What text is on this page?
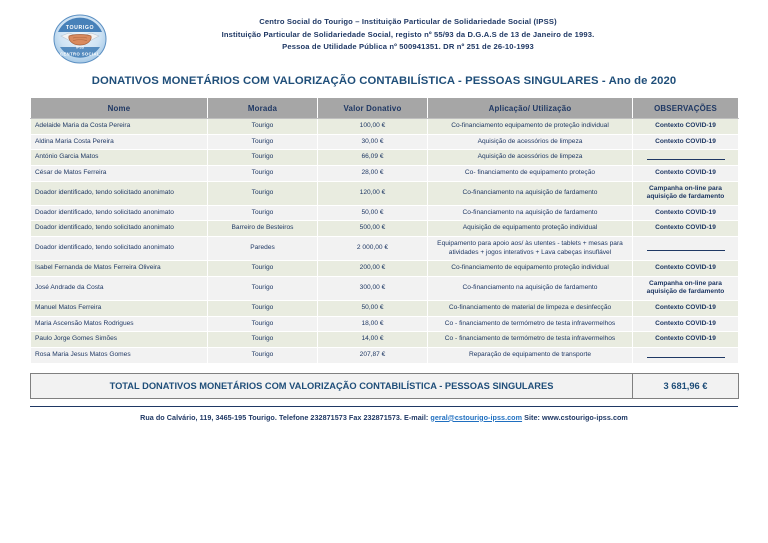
TOURIGO
CENTRO SOCIAL
IPSS
Centro Social do Tourigo – Instituição Particular de Solidariedade Social (IPSS)
Instituição Particular de Solidariedade Social, registo nº 55/93 da D.G.A.S de 13 de Janeiro de 1993.
Pessoa de Utilidade Pública nº 500941351. DR nº 251 de 26-10-1993
DONATIVOS MONETÁRIOS COM VALORIZAÇÃO CONTABILÍSTICA - PESSOAS SINGULARES - Ano de 2020
Nome	Morada	Valor Donativo	Aplicação/ Utilização	OBSERVAÇÕES
Adelaide Maria da Costa Pereira	Tourigo	100,00 €	Co-financiamento equipamento de proteção individual	Contexto COVID-19
Aldina Maria Costa Pereira	Tourigo	30,00 €	Aquisição de acessórios de limpeza	Contexto COVID-19
António Garcia Matos	Tourigo	66,09 €	Aquisição de acessórios de limpeza	
César de Matos Ferreira	Tourigo	28,00 €	Co- financiamento de equipamento proteção	Contexto COVID-19
Doador identificado, tendo solicitado anonimato	Tourigo	120,00 €	Co-financiamento na aquisição de fardamento	Campanha on-line para aquisição de fardamento
Doador identificado, tendo solicitado anonimato	Tourigo	50,00 €	Co-financiamento na aquisição de fardamento	Contexto COVID-19
Doador identificado, tendo solicitado anonimato	Barreiro de Besteiros	500,00 €	Aquisição de equipamento proteção individual	Contexto COVID-19
Doador identificado, tendo solicitado anonimato	Paredes	2 000,00 €	Equipamento para apoio aos/ às utentes - tablets + mesas para atividades + jogos interativos + Lava cabeças insuflável	
Isabel Fernanda de Matos Ferreira Oliveira	Tourigo	200,00 €	Co-financiamento de equipamento proteção individual	Contexto COVID-19
José Andrade da Costa	Tourigo	300,00 €	Co-financiamento na aquisição de fardamento	Campanha on-line para aquisição de fardamento
Manuel Matos Ferreira	Tourigo	50,00 €	Co-financiamento de material de limpeza e desinfecção	Contexto COVID-19
Maria Ascensão Matos Rodrigues	Tourigo	18,00 €	Co - financiamento de termómetro de testa infravermelhos	Contexto COVID-19
Paulo Jorge Gomes Simões	Tourigo	14,00 €	Co - financiamento de termómetro de testa infravermelhos	Contexto COVID-19
Rosa Maria Jesus Matos Gomes	Tourigo	207,87 €	Reparação de equipamento de transporte	
TOTAL DONATIVOS MONETÁRIOS COM VALORIZAÇÃO CONTABILÍSTICA - PESSOAS SINGULARES	3 681,96 €
Rua do Calvário, 119, 3465-195 Tourigo. Telefone 232871573 Fax 232871573. E-mail: geral@cstourigo-ipss.com Site: www.cstourigo-ipss.com
